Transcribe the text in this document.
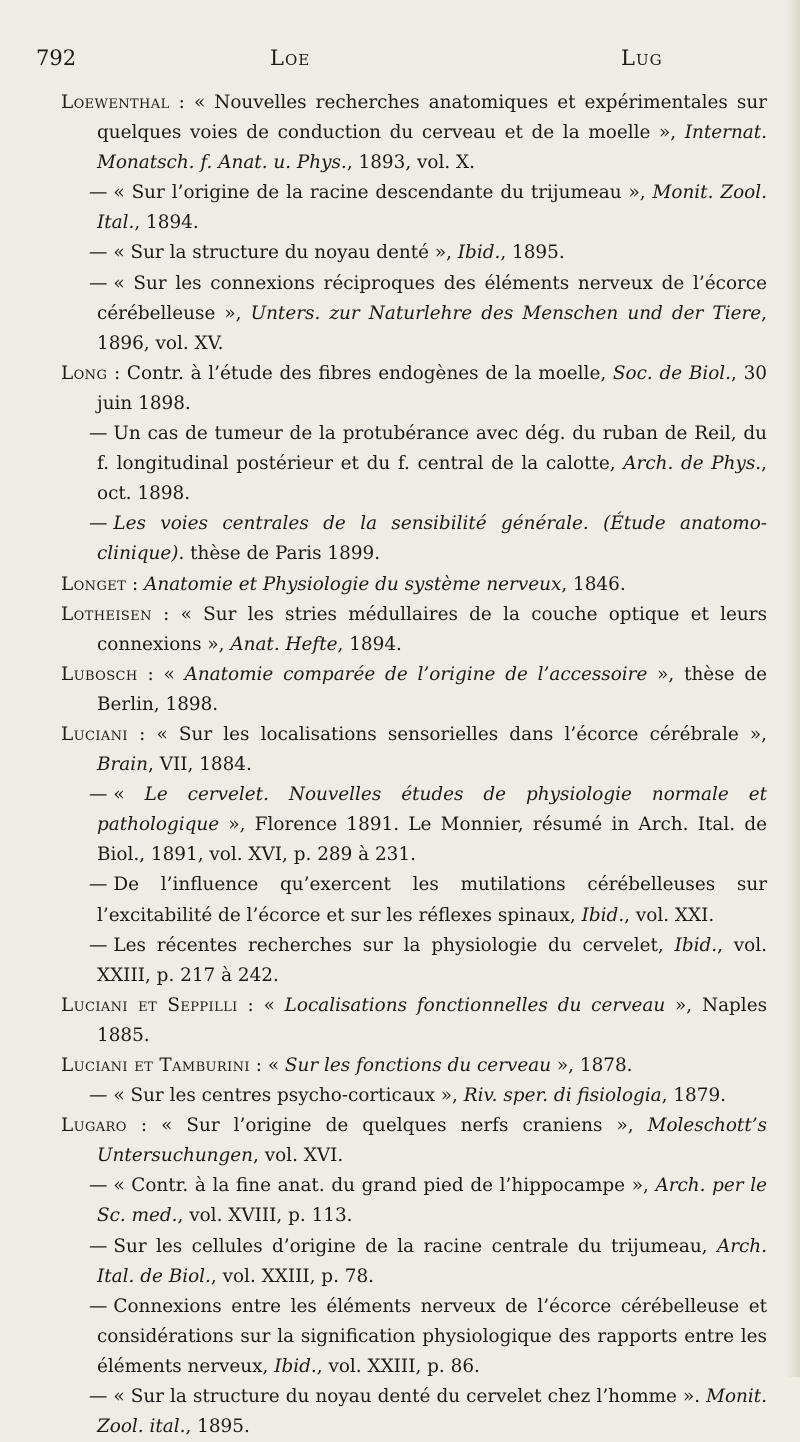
792	Loe	Lug

Loewenthal : « Nouvelles recherches anatomiques et expérimentales sur quelques voies de conduction du cerveau et de la moelle », Internat. Monatsch. f. Anat. u. Phys., 1893, vol. X.

— « Sur l’origine de la racine descendante du trijumeau », Monit. Zool. Ital., 1894.

— « Sur la structure du noyau denté », Ibid., 1895.

— « Sur les connexions réciproques des éléments nerveux de l’écorce cérébelleuse », Unters. zur Naturlehre des Menschen und der Tiere, 1896, vol. XV.

Long : Contr. à l’étude des fibres endogènes de la moelle, Soc. de Biol., 30 juin 1898.

— Un cas de tumeur de la protubérance avec dég. du ruban de Reil, du f. longitudinal postérieur et du f. central de la calotte, Arch. de Phys., oct. 1898.

— Les voies centrales de la sensibilité générale. (Étude anatomo-clinique). thèse de Paris 1899.

Longet : Anatomie et Physiologie du système nerveux, 1846.

Lotheisen : « Sur les stries médullaires de la couche optique et leurs connexions », Anat. Hefte, 1894.

Lubosch : « Anatomie comparée de l’origine de l’accessoire », thèse de Berlin, 1898.

Luciani : « Sur les localisations sensorielles dans l’écorce cérébrale », Brain, VII, 1884.

— « Le cervelet. Nouvelles études de physiologie normale et pathologique », Florence 1891. Le Monnier, résumé in Arch. Ital. de Biol., 1891, vol. XVI, p. 289 à 231.

— De l’influence qu’exercent les mutilations cérébelleuses sur l’excitabilité de l’écorce et sur les réflexes spinaux, Ibid., vol. XXI.

— Les récentes recherches sur la physiologie du cervelet, Ibid., vol. XXIII, p. 217 à 242.

Luciani et Seppilli : « Localisations fonctionnelles du cerveau », Naples 1885.

Luciani et Tamburini : « Sur les fonctions du cerveau », 1878.

— « Sur les centres psycho-corticaux », Riv. sper. di fisiologia, 1879.

Lugaro : « Sur l’origine de quelques nerfs craniens », Moleschott’s Untersuchungen, vol. XVI.

— « Contr. à la fine anat. du grand pied de l’hippocampe », Arch. per le Sc. med., vol. XVIII, p. 113.

— Sur les cellules d’origine de la racine centrale du trijumeau, Arch. Ital. de Biol., vol. XXIII, p. 78.

— Connexions entre les éléments nerveux de l’écorce cérébelleuse et considérations sur la signification physiologique des rapports entre les éléments nerveux, Ibid., vol. XXIII, p. 86.

— « Sur la structure du noyau denté du cervelet chez l’homme ». Monit. Zool. ital., 1895.
